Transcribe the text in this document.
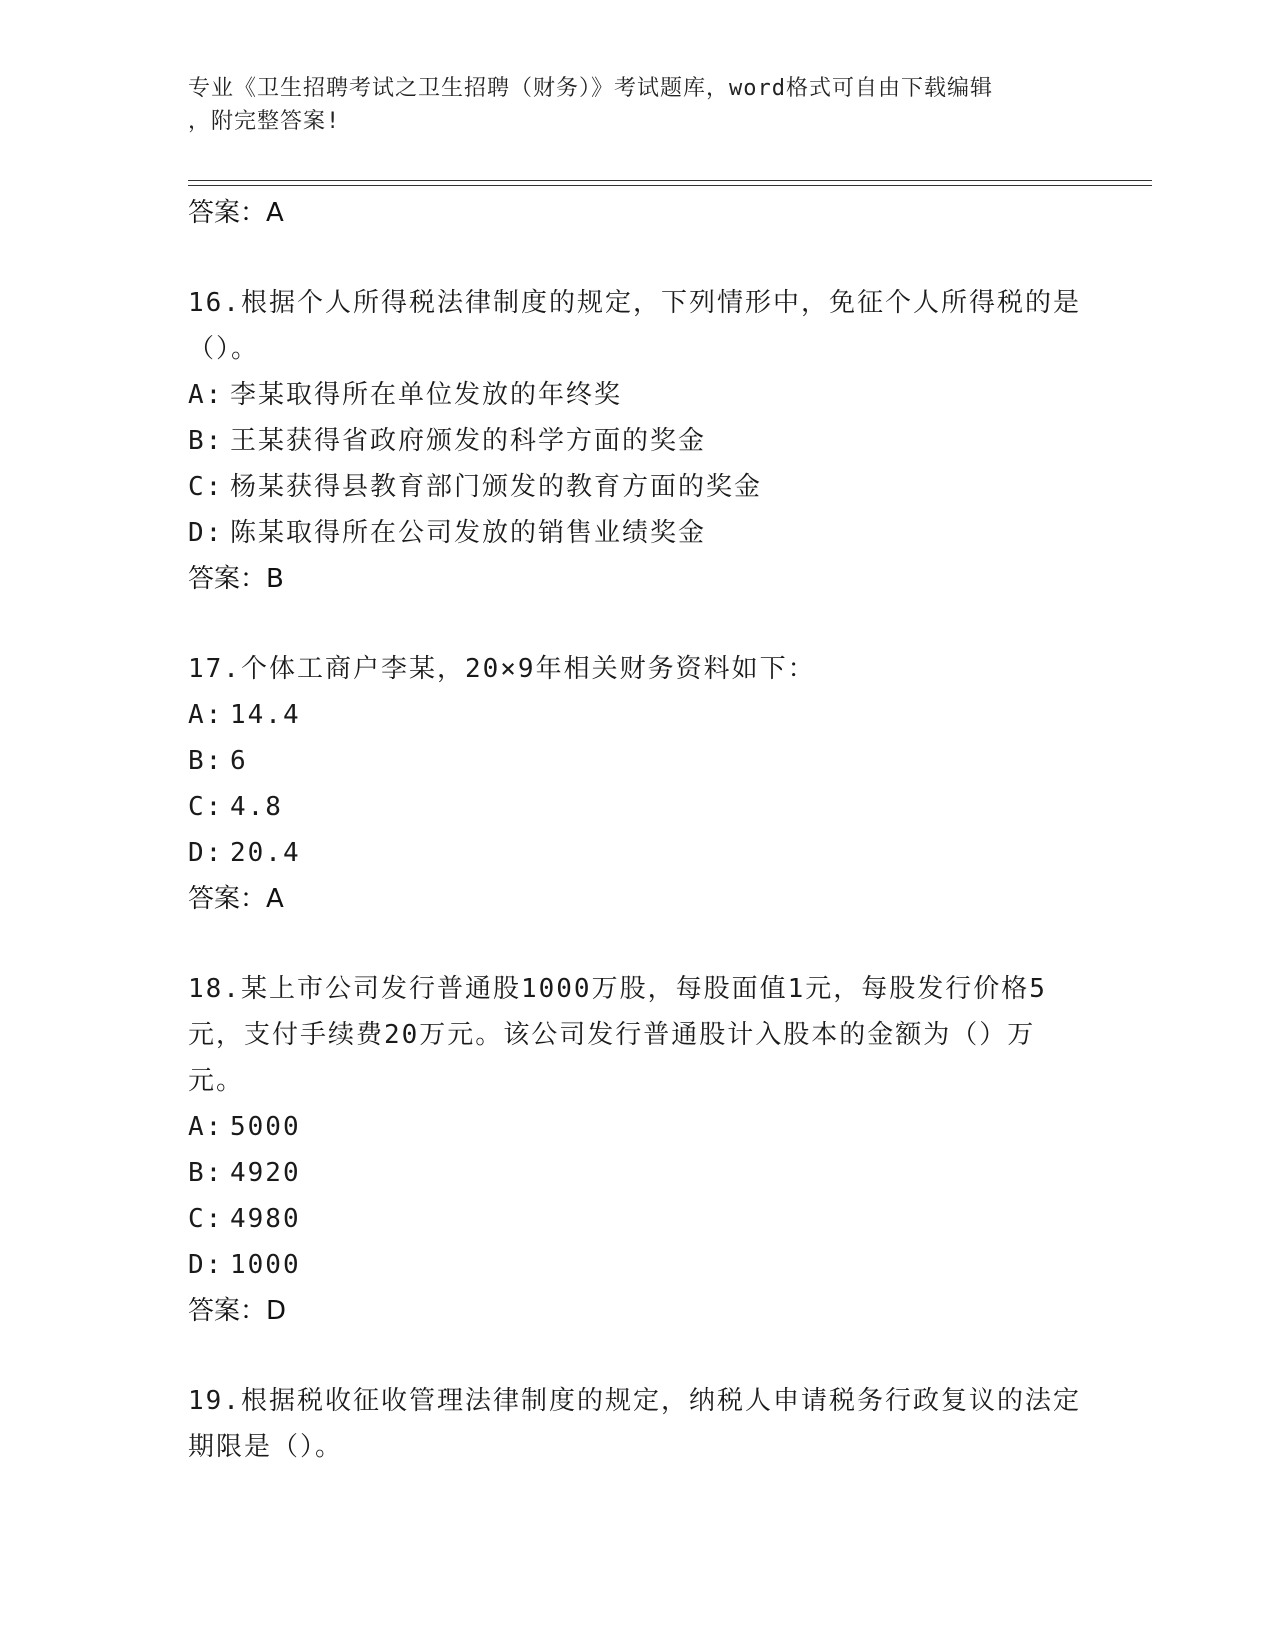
专业《卫生招聘考试之卫生招聘（财务）》考试题库，word格式可自由下载编辑
，附完整答案!
答案：A
16.根据个人所得税法律制度的规定，下列情形中，免征个人所得税的是（）。
A: 李某取得所在单位发放的年终奖
B: 王某获得省政府颁发的科学方面的奖金
C: 杨某获得县教育部门颁发的教育方面的奖金
D: 陈某取得所在公司发放的销售业绩奖金
答案：B
17.个体工商户李某，20×9年相关财务资料如下：
A: 14.4
B: 6
C: 4.8
D: 20.4
答案：A
18.某上市公司发行普通股1000万股，每股面值1元，每股发行价格5元，支付手续费20万元。该公司发行普通股计入股本的金额为（）万元。
A: 5000
B: 4920
C: 4980
D: 1000
答案：D
19.根据税收征收管理法律制度的规定，纳税人申请税务行政复议的法定期限是（）。
